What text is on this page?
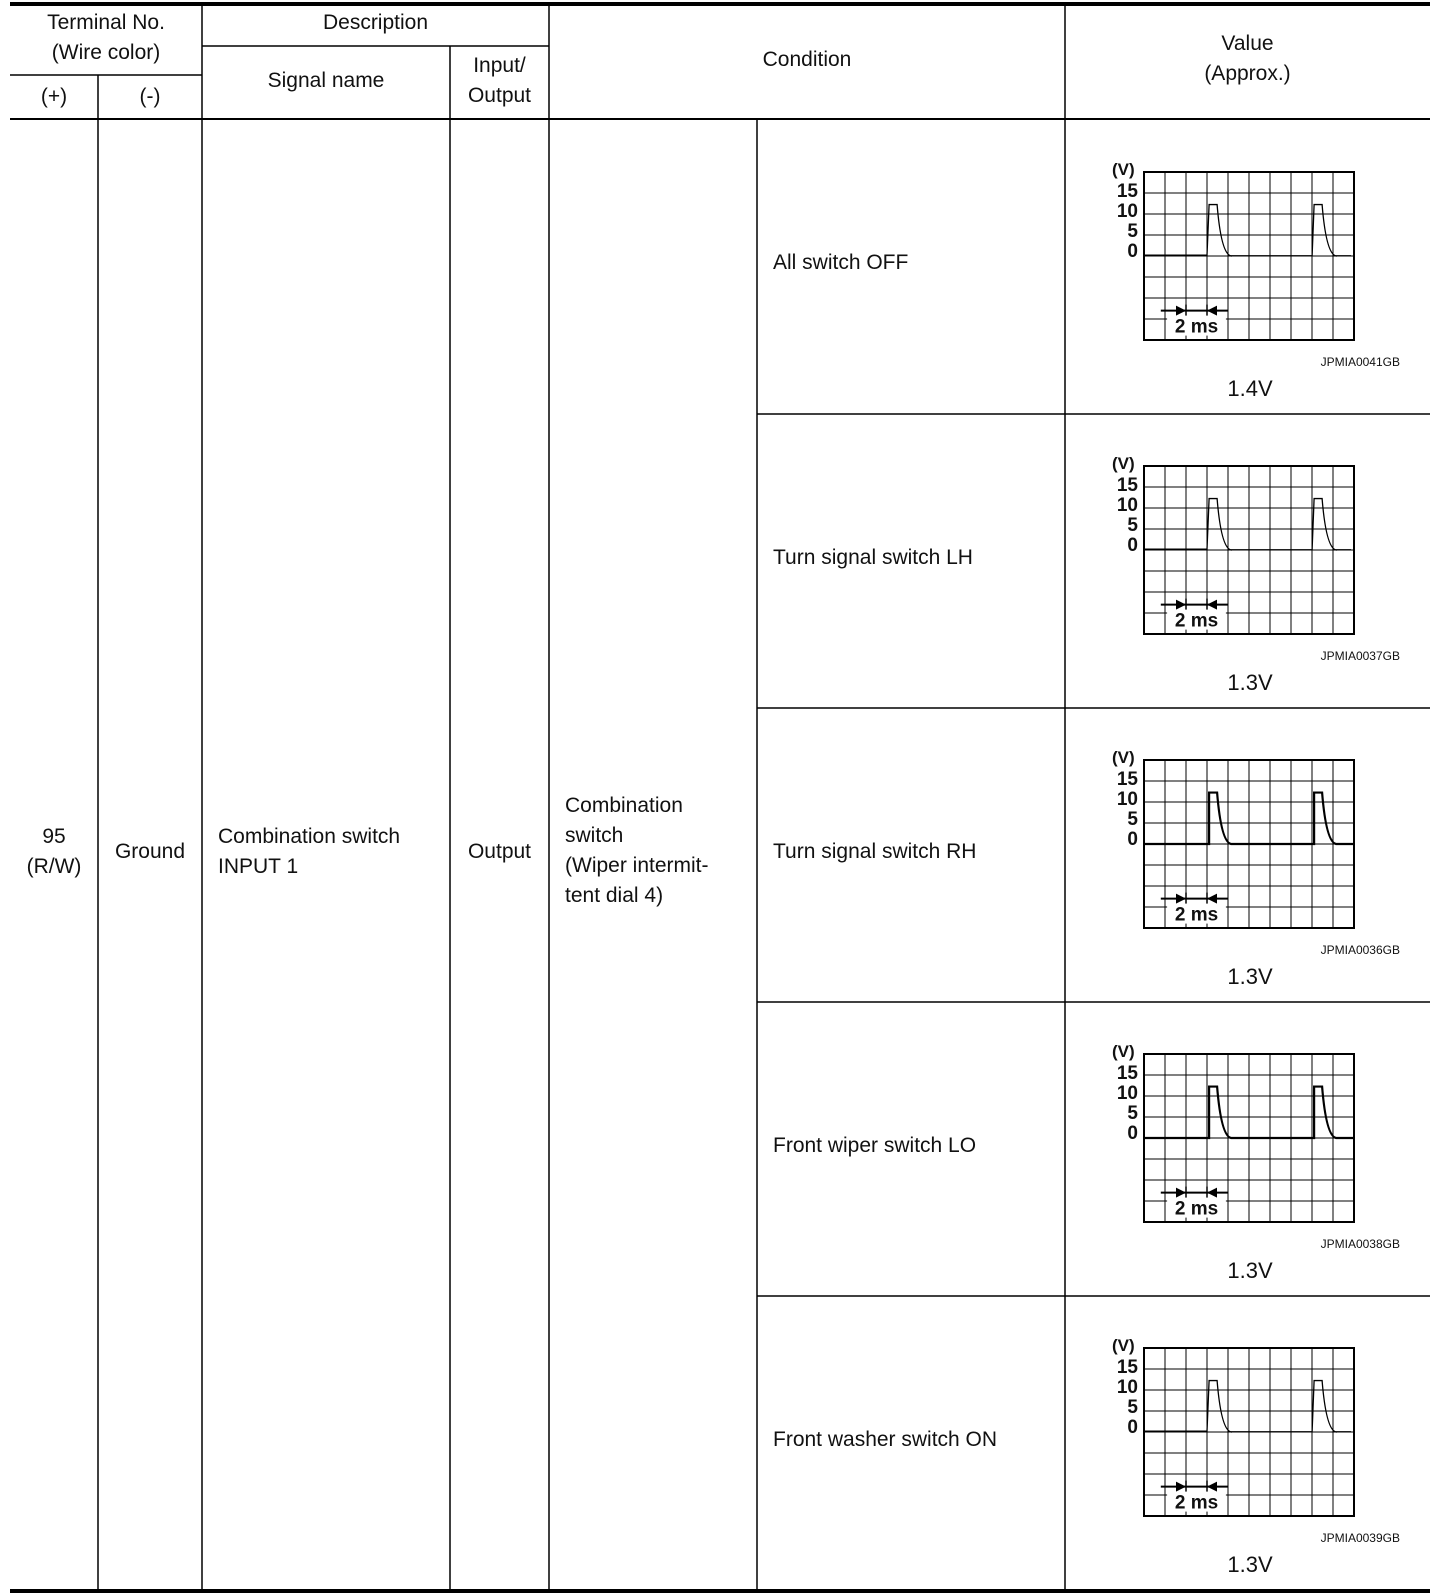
Terminal No.
(Wire color)
(+)	(-)
Description
Signal name
Input/
Output
Condition
Value
(Approx.)
95
(R/W)
Ground
Combination switch
INPUT 1
Output
Combination
switch
(Wiper intermit-
tent dial 4)
All switch OFF
Turn signal switch LH
Turn signal switch RH
Front wiper switch LO
Front washer switch ON
(V)
15
10
5
0
2 ms
(V)
15
10
5
0
2 ms
(V)
15
10
5
0
2 ms
(V)
15
10
5
0
2 ms
(V)
15
10
5
0
2 ms
JPMIA0041GB
JPMIA0037GB
JPMIA0036GB
JPMIA0038GB
JPMIA0039GB
1.4V
1.3V
1.3V
1.3V
1.3V
